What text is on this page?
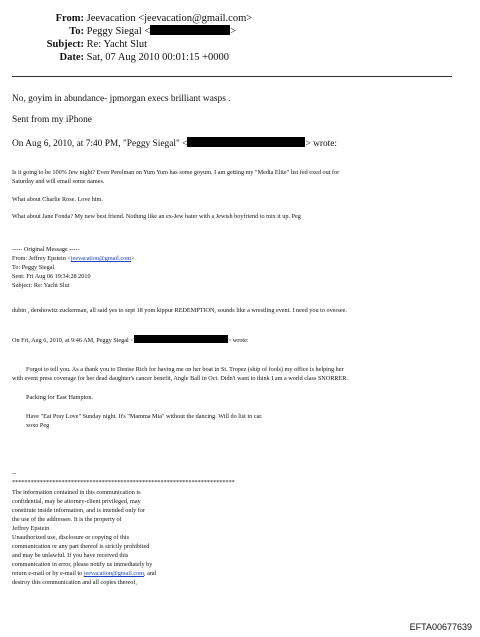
From: Jeevacation <jeevacation@gmail.com>
To: Peggy Siegal <	>
Subject: Re: Yacht Slut
Date: Sat, 07 Aug 2010 00:01:15 +0000
No, goyim in abundance- jpmorgan execs brilliant wasps .
Sent from my iPhone
On Aug 6, 2010, at 7:40 PM, "Peggy Siegal" <	> wrote:
Is it going to be 100% Jew night? Even Perelman on Yum Yum has some goyum. I am getting my "Media Elite" list fed exed out for
Saturday and will email some names.
What about Charlie Rose. Love him.
What about Jane Fonda? My new best friend. Nothing like an ex-Jew hater with a Jewish boyfriend to mix it up. Peg
----- Original Message -----
From: Jeffrey Epstein <jeevacation@gmail.com>
To: Peggy Siegal
Sent: Fri Aug 06 19:34:28 2010
Subject: Re: Yacht Slut
dubin , dershowitz zuckerman, all said yes to sept 18 yom kippur REDEMPTION, sounds like a wrestling event. I need you to oversee.
On Fri, Aug 6, 2010, at 9:46 AM, Peggy Siegal <	> wrote:
Forgot to tell you. As a thank you to Denise Rich for having me on her boat in St. Tropez (ship of fools) my office is helping her
with event press coverage for her dead daughter's cancer benefit, Angle Ball in Oct. Didn't want to think I am a world class SNORRER.
Packing for East Hampton.
Have "Eat Pray Love" Sunday night. It's "Mamma Mia" without the dancing. Will do list in car.
xoxo Peg
--
************************************************************************
The information contained in this communication is
confidential, may be attorney-client privileged, may
constitute inside information, and is intended only for
the use of the addressee. It is the property of
Jeffrey Epstein
Unauthorized use, disclosure or copying of this
communication or any part thereof is strictly prohibited
and may be unlawful. If you have received this
communication in error, please notify us immediately by
return e-mail or by e-mail to jeevacation@gmail.com, and
destroy this communication and all copies thereof,
EFTA00677639
